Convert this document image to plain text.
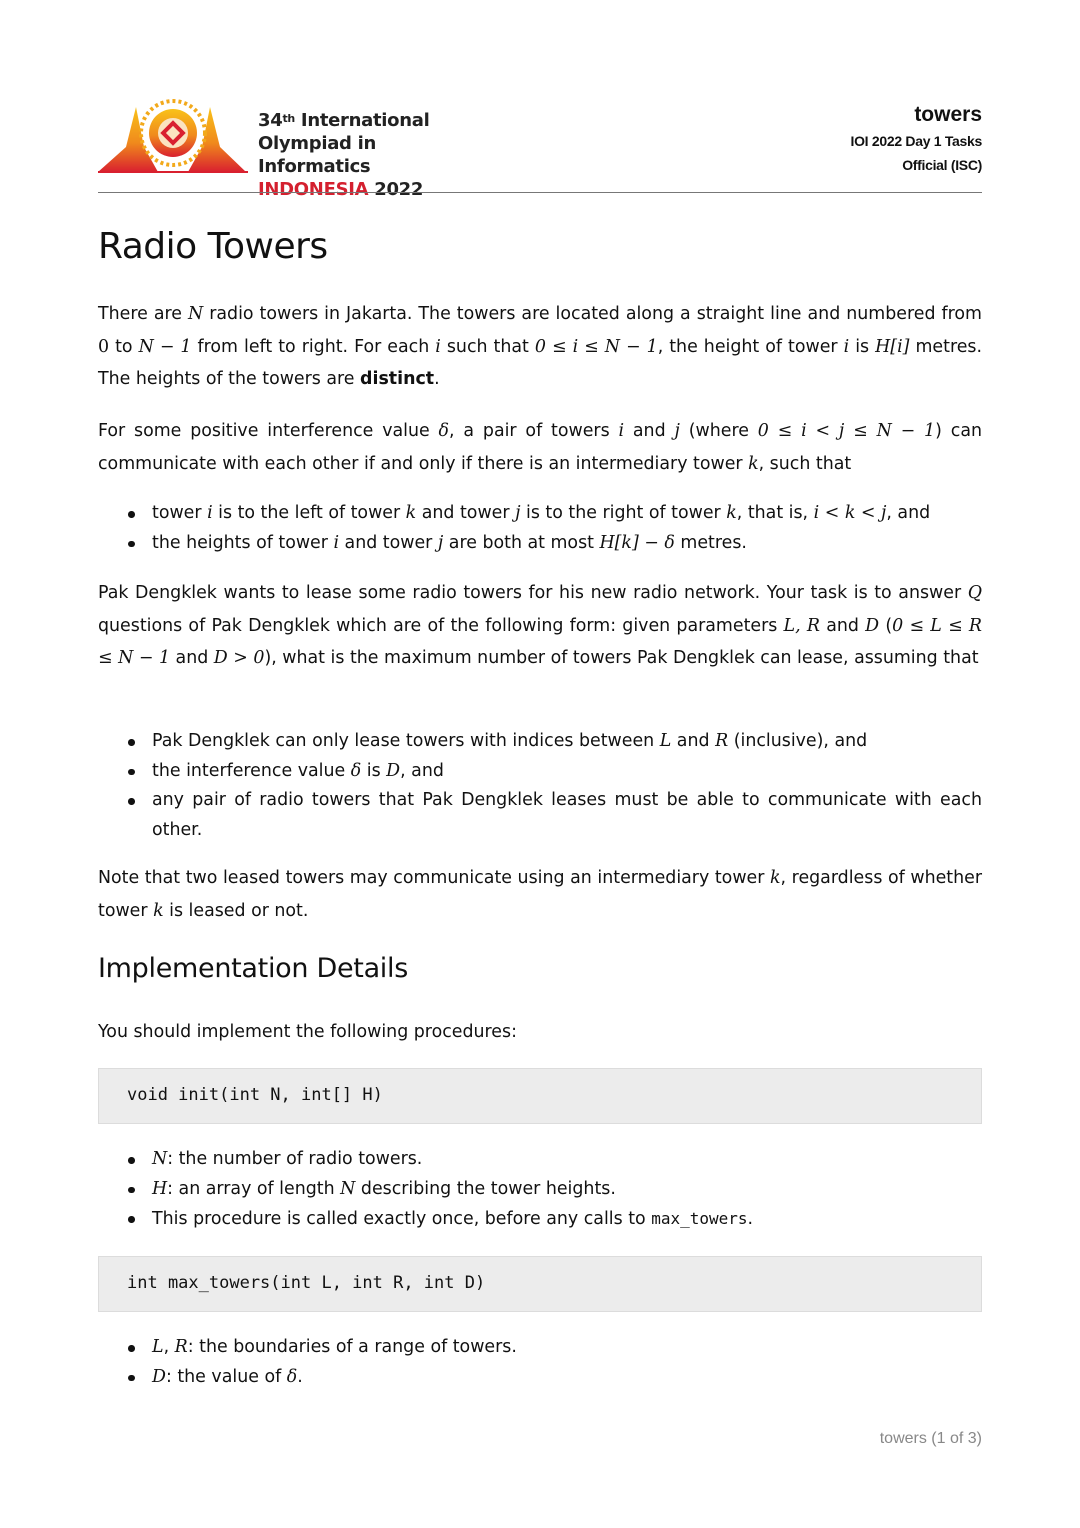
34th International
Olympiad in Informatics
INDONESIA 2022
towers
IOI 2022 Day 1 Tasks
Official (ISC)
Radio Towers

There are N radio towers in Jakarta. The towers are located along a straight line and numbered from 0 to N − 1 from left to right. For each i such that 0 ≤ i ≤ N − 1, the height of tower i is H[i] metres. The heights of the towers are distinct.

For some positive interference value δ, a pair of towers i and j (where 0 ≤ i < j ≤ N − 1) can communicate with each other if and only if there is an intermediary tower k, such that

tower i is to the left of tower k and tower j is to the right of tower k, that is, i < k < j, and
the heights of tower i and tower j are both at most H[k] − δ metres.

Pak Dengklek wants to lease some radio towers for his new radio network. Your task is to answer Q questions of Pak Dengklek which are of the following form: given parameters L, R and D (0 ≤ L ≤ R ≤ N − 1 and D > 0), what is the maximum number of towers Pak Dengklek can lease, assuming that

Pak Dengklek can only lease towers with indices between L and R (inclusive), and
the interference value δ is D, and
any pair of radio towers that Pak Dengklek leases must be able to communicate with each other.

Note that two leased towers may communicate using an intermediary tower k, regardless of whether tower k is leased or not.

Implementation Details

You should implement the following procedures:

void init(int N, int[] H)
N: the number of radio towers.
H: an array of length N describing the tower heights.
This procedure is called exactly once, before any calls to max_towers.
int max_towers(int L, int R, int D)
L, R: the boundaries of a range of towers.
D: the value of δ.
towers (1 of 3)
